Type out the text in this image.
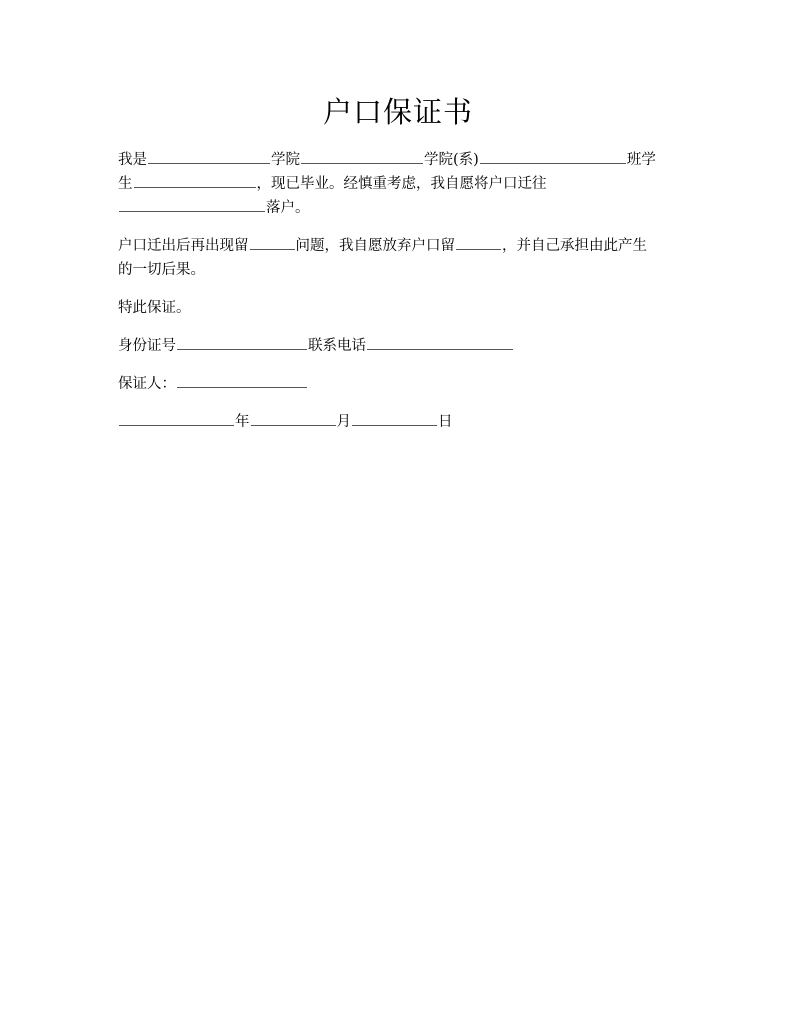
户口保证书
我是	学院	学院(系)	班学
生	，现已毕业。经慎重考虑，我自愿将户口迁往
落户。
户口迁出后再出现留	问题，我自愿放弃户口留	，并自己承担由此产生
的一切后果。
特此保证。
身份证号	联系电话
保证人：
年	月	日
